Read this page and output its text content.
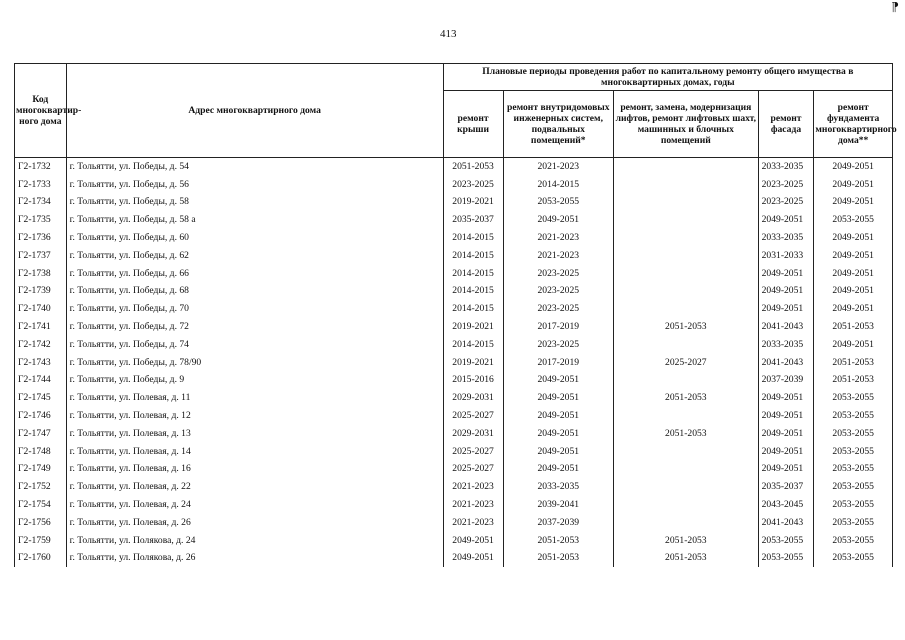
413
⁋
Код многоквартир-ного дома	Адрес многоквартирного дома	Плановые периоды проведения работ по капитальному ремонту общего имущества в многоквартирных домах, годы				
		ремонт крыши	ремонт внутридомовых инженерных систем, подвальных помещений*	ремонт, замена, модернизация лифтов, ремонт лифтовых шахт, машинных и блочных помещений	ремонт фасада	ремонт фундамента многоквартирного дома**
Г2-1732	г. Тольятти, ул. Победы, д. 54	2051-2053	2021-2023		2033-2035	2049-2051
Г2-1733	г. Тольятти, ул. Победы, д. 56	2023-2025	2014-2015		2023-2025	2049-2051
Г2-1734	г. Тольятти, ул. Победы, д. 58	2019-2021	2053-2055		2023-2025	2049-2051
Г2-1735	г. Тольятти, ул. Победы, д. 58 а	2035-2037	2049-2051		2049-2051	2053-2055
Г2-1736	г. Тольятти, ул. Победы, д. 60	2014-2015	2021-2023		2033-2035	2049-2051
Г2-1737	г. Тольятти, ул. Победы, д. 62	2014-2015	2021-2023		2031-2033	2049-2051
Г2-1738	г. Тольятти, ул. Победы, д. 66	2014-2015	2023-2025		2049-2051	2049-2051
Г2-1739	г. Тольятти, ул. Победы, д. 68	2014-2015	2023-2025		2049-2051	2049-2051
Г2-1740	г. Тольятти, ул. Победы, д. 70	2014-2015	2023-2025		2049-2051	2049-2051
Г2-1741	г. Тольятти, ул. Победы, д. 72	2019-2021	2017-2019	2051-2053	2041-2043	2051-2053
Г2-1742	г. Тольятти, ул. Победы, д. 74	2014-2015	2023-2025		2033-2035	2049-2051
Г2-1743	г. Тольятти, ул. Победы, д. 78/90	2019-2021	2017-2019	2025-2027	2041-2043	2051-2053
Г2-1744	г. Тольятти, ул. Победы, д. 9	2015-2016	2049-2051		2037-2039	2051-2053
Г2-1745	г. Тольятти, ул. Полевая, д. 11	2029-2031	2049-2051	2051-2053	2049-2051	2053-2055
Г2-1746	г. Тольятти, ул. Полевая, д. 12	2025-2027	2049-2051		2049-2051	2053-2055
Г2-1747	г. Тольятти, ул. Полевая, д. 13	2029-2031	2049-2051	2051-2053	2049-2051	2053-2055
Г2-1748	г. Тольятти, ул. Полевая, д. 14	2025-2027	2049-2051		2049-2051	2053-2055
Г2-1749	г. Тольятти, ул. Полевая, д. 16	2025-2027	2049-2051		2049-2051	2053-2055
Г2-1752	г. Тольятти, ул. Полевая, д. 22	2021-2023	2033-2035		2035-2037	2053-2055
Г2-1754	г. Тольятти, ул. Полевая, д. 24	2021-2023	2039-2041		2043-2045	2053-2055
Г2-1756	г. Тольятти, ул. Полевая, д. 26	2021-2023	2037-2039		2041-2043	2053-2055
Г2-1759	г. Тольятти, ул. Полякова, д. 24	2049-2051	2051-2053	2051-2053	2053-2055	2053-2055
Г2-1760	г. Тольятти, ул. Полякова, д. 26	2049-2051	2051-2053	2051-2053	2053-2055	2053-2055
